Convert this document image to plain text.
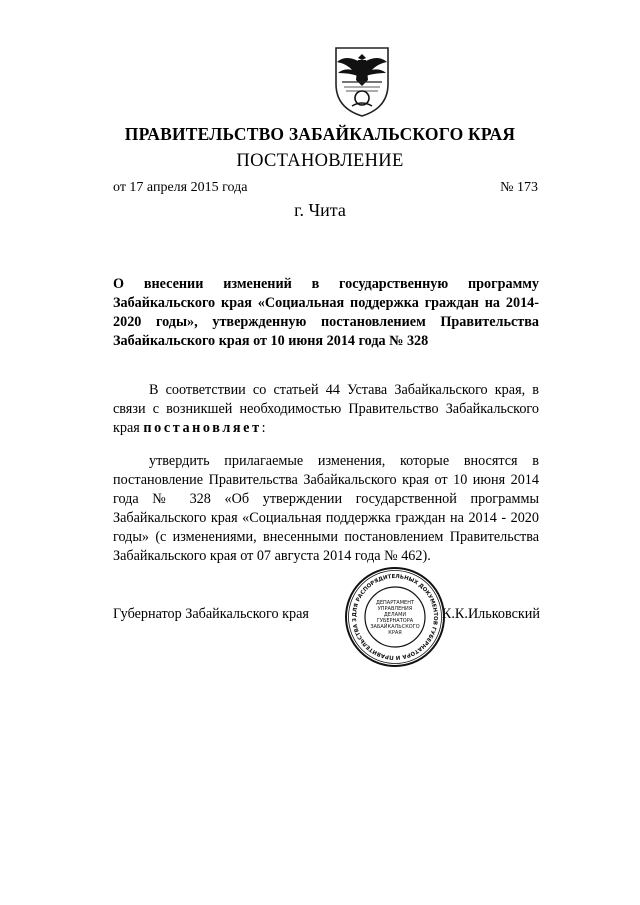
ПРАВИТЕЛЬСТВО ЗАБАЙКАЛЬСКОГО КРАЯ
ПОСТАНОВЛЕНИЕ
от 17 апреля 2015 года	№ 173
г. Чита
О внесении изменений в государственную программу Забайкальского края «Социальная поддержка граждан на 2014-2020 годы», утвержденную постановлением Правительства Забайкальского края от 10 июня 2014 года № 328
В соответствии со статьей 44 Устава Забайкальского края, в связи с возникшей необходимостью Правительство Забайкальского края постановляет:
утвердить прилагаемые изменения, которые вносятся в постановление Правительства Забайкальского края от 10 июня 2014 года № 328 «Об утверждении государственной программы Забайкальского края «Социальная поддержка граждан на 2014 - 2020 годы» (с изменениями, внесенными постановлением Правительства Забайкальского края от 07 августа 2014 года № 462).
Губернатор Забайкальского края	К.К.Ильковский
ДЛЯ РАСПОРЯДИТЕЛЬНЫХ ДОКУМЕНТОВ ГУБЕРНАТОРА И ПРАВИТЕЛЬСТВА З
ДЕПАРТАМЕНТ УПРАВЛЕНИЯ ДЕЛАМИ ГУБЕРНАТОРА ЗАБАЙКАЛЬСКОГО КРАЯ
